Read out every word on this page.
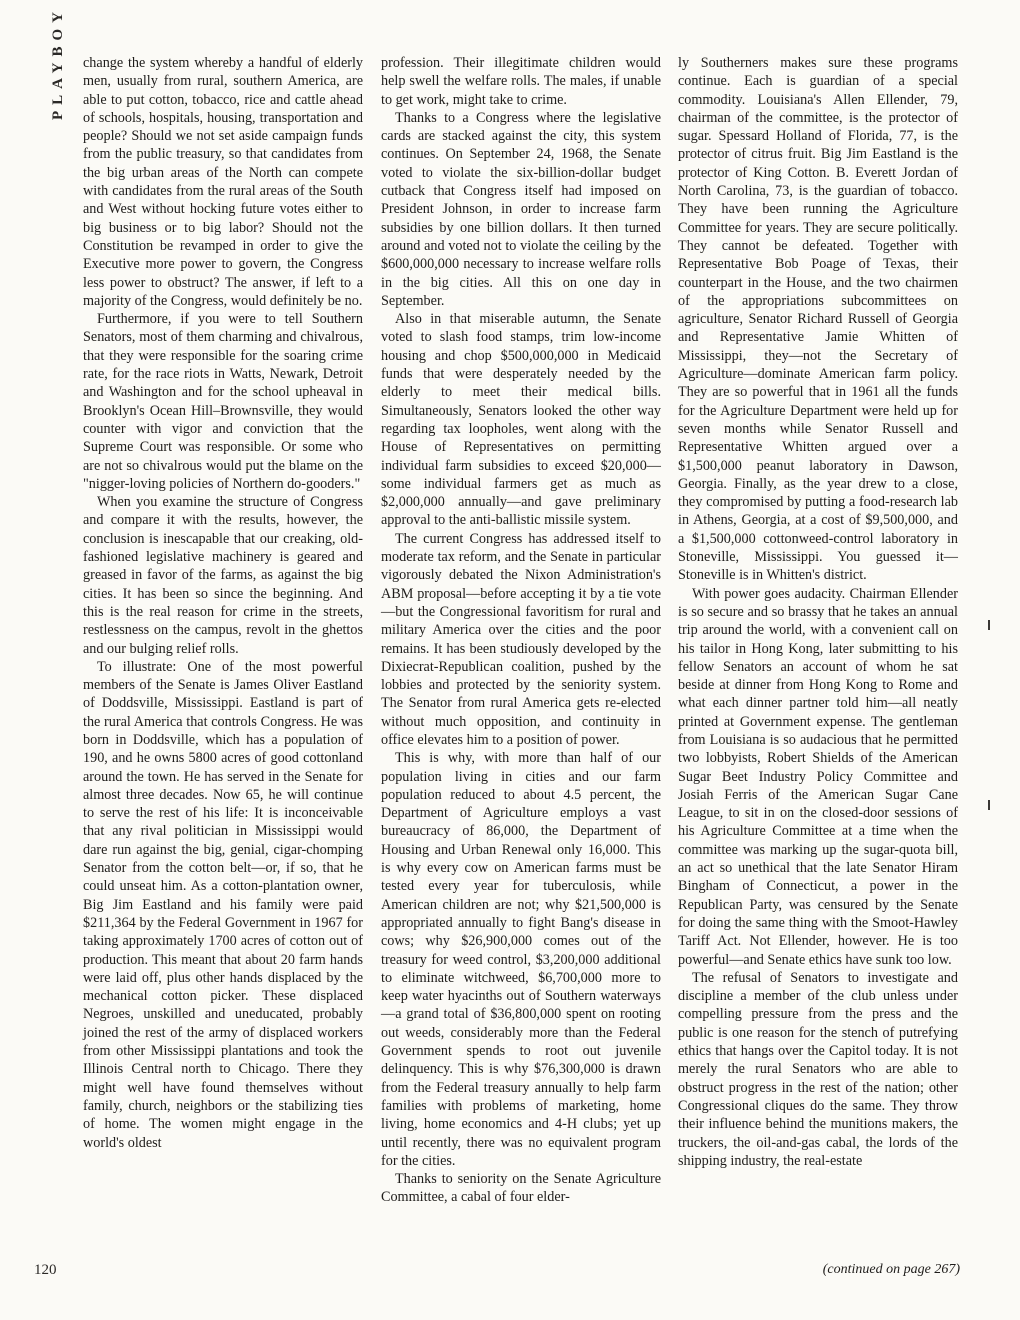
PLAYBOY	change the system whereby a handful of elderly men, usually from rural, southern America, are able to put cotton, tobacco, rice and cattle ahead of schools, hospitals, housing, transportation and people? Should we not set aside campaign funds from the public treasury, so that candidates from the big urban areas of the North can compete with candidates from the rural areas of the South and West without hocking future votes either to big business or to big labor? Should not the Constitution be revamped in order to give the Executive more power to govern, the Congress less power to obstruct? The answer, if left to a majority of the Congress, would definitely be no.

Furthermore, if you were to tell Southern Senators, most of them charming and chivalrous, that they were responsible for the soaring crime rate, for the race riots in Watts, Newark, Detroit and Washington and for the school upheaval in Brooklyn's Ocean Hill–Brownsville, they would counter with vigor and conviction that the Supreme Court was responsible. Or some who are not so chivalrous would put the blame on the "nigger-loving policies of Northern do-gooders."

When you examine the structure of Congress and compare it with the results, however, the conclusion is inescapable that our creaking, old-fashioned legislative machinery is geared and greased in favor of the farms, as against the big cities. It has been so since the beginning. And this is the real reason for crime in the streets, restlessness on the campus, revolt in the ghettos and our bulging relief rolls.

To illustrate: One of the most powerful members of the Senate is James Oliver Eastland of Doddsville, Mississippi. Eastland is part of the rural America that controls Congress. He was born in Doddsville, which has a population of 190, and he owns 5800 acres of good cottonland around the town. He has served in the Senate for almost three decades. Now 65, he will continue to serve the rest of his life: It is inconceivable that any rival politician in Mississippi would dare run against the big, genial, cigar-chomping Senator from the cotton belt—or, if so, that he could unseat him. As a cotton-plantation owner, Big Jim Eastland and his family were paid $211,364 by the Federal Government in 1967 for taking approximately 1700 acres of cotton out of production. This meant that about 20 farm hands were laid off, plus other hands displaced by the mechanical cotton picker. These displaced Negroes, unskilled and uneducated, probably joined the rest of the army of displaced workers from other Mississippi plantations and took the Illinois Central north to Chicago. There they might well have found themselves without family, church, neighbors or the stabilizing ties of home. The women might engage in the world's oldest

profession. Their illegitimate children would help swell the welfare rolls. The males, if unable to get work, might take to crime.

Thanks to a Congress where the legislative cards are stacked against the city, this system continues. On September 24, 1968, the Senate voted to violate the six-billion-dollar budget cutback that Congress itself had imposed on President Johnson, in order to increase farm subsidies by one billion dollars. It then turned around and voted not to violate the ceiling by the $600,000,000 necessary to increase welfare rolls in the big cities. All this on one day in September.

Also in that miserable autumn, the Senate voted to slash food stamps, trim low-income housing and chop $500,000,000 in Medicaid funds that were desperately needed by the elderly to meet their medical bills. Simultaneously, Senators looked the other way regarding tax loopholes, went along with the House of Representatives on permitting individual farm subsidies to exceed $20,000—some individual farmers get as much as $2,000,000 annually—and gave preliminary approval to the anti-ballistic missile system.

The current Congress has addressed itself to moderate tax reform, and the Senate in particular vigorously debated the Nixon Administration's ABM proposal—before accepting it by a tie vote—but the Congressional favoritism for rural and military America over the cities and the poor remains. It has been studiously developed by the Dixiecrat-Republican coalition, pushed by the lobbies and protected by the seniority system. The Senator from rural America gets re-elected without much opposition, and continuity in office elevates him to a position of power.

This is why, with more than half of our population living in cities and our farm population reduced to about 4.5 percent, the Department of Agriculture employs a vast bureaucracy of 86,000, the Department of Housing and Urban Renewal only 16,000. This is why every cow on American farms must be tested every year for tuberculosis, while American children are not; why $21,500,000 is appropriated annually to fight Bang's disease in cows; why $26,900,000 comes out of the treasury for weed control, $3,200,000 additional to eliminate witchweed, $6,700,000 more to keep water hyacinths out of Southern waterways—a grand total of $36,800,000 spent on rooting out weeds, considerably more than the Federal Government spends to root out juvenile delinquency. This is why $76,300,000 is drawn from the Federal treasury annually to help farm families with problems of marketing, home living, home economics and 4-H clubs; yet up until recently, there was no equivalent program for the cities.

Thanks to seniority on the Senate Agriculture Committee, a cabal of four elder-

ly Southerners makes sure these programs continue. Each is guardian of a special commodity. Louisiana's Allen Ellender, 79, chairman of the committee, is the protector of sugar. Spessard Holland of Florida, 77, is the protector of citrus fruit. Big Jim Eastland is the protector of King Cotton. B. Everett Jordan of North Carolina, 73, is the guardian of tobacco. They have been running the Agriculture Committee for years. They are secure politically. They cannot be defeated. Together with Representative Bob Poage of Texas, their counterpart in the House, and the two chairmen of the appropriations subcommittees on agriculture, Senator Richard Russell of Georgia and Representative Jamie Whitten of Mississippi, they—not the Secretary of Agriculture—dominate American farm policy. They are so powerful that in 1961 all the funds for the Agriculture Department were held up for seven months while Senator Russell and Representative Whitten argued over a $1,500,000 peanut laboratory in Dawson, Georgia. Finally, as the year drew to a close, they compromised by putting a food-research lab in Athens, Georgia, at a cost of $9,500,000, and a $1,500,000 cottonweed-control laboratory in Stoneville, Mississippi. You guessed it—Stoneville is in Whitten's district.

With power goes audacity. Chairman Ellender is so secure and so brassy that he takes an annual trip around the world, with a convenient call on his tailor in Hong Kong, later submitting to his fellow Senators an account of whom he sat beside at dinner from Hong Kong to Rome and what each dinner partner told him—all neatly printed at Government expense. The gentleman from Louisiana is so audacious that he permitted two lobbyists, Robert Shields of the American Sugar Beet Industry Policy Committee and Josiah Ferris of the American Sugar Cane League, to sit in on the closed-door sessions of his Agriculture Committee at a time when the committee was marking up the sugar-quota bill, an act so unethical that the late Senator Hiram Bingham of Connecticut, a power in the Republican Party, was censured by the Senate for doing the same thing with the Smoot-Hawley Tariff Act. Not Ellender, however. He is too powerful—and Senate ethics have sunk too low.

The refusal of Senators to investigate and discipline a member of the club unless under compelling pressure from the press and the public is one reason for the stench of putrefying ethics that hangs over the Capitol today. It is not merely the rural Senators who are able to obstruct progress in the rest of the nation; other Congressional cliques do the same. They throw their influence behind the munitions makers, the truckers, the oil-and-gas cabal, the lords of the shipping industry, the real-estate

120	(continued on page 267)
